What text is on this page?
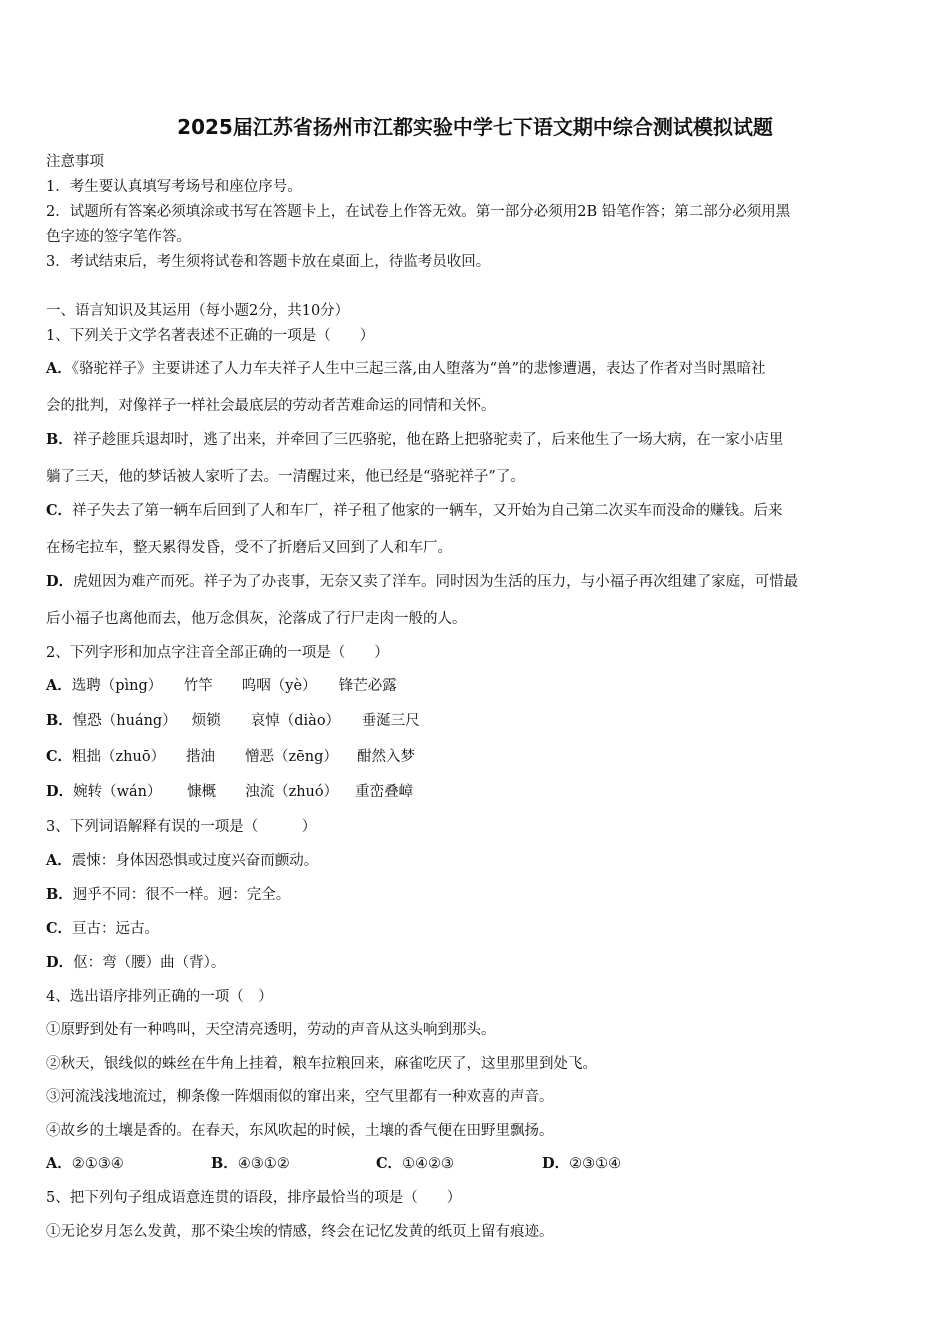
2025届江苏省扬州市江都实验中学七下语文期中综合测试模拟试题
注意事项
1．考生要认真填写考场号和座位序号。
2．试题所有答案必须填涂或书写在答题卡上，在试卷上作答无效。第一部分必须用2B 铅笔作答；第二部分必须用黑
色字迹的签字笔作答。
3．考试结束后，考生须将试卷和答题卡放在桌面上，待监考员收回。
一、语言知识及其运用（每小题2分，共10分）
1、下列关于文学名著表述不正确的一项是（　　）
A．《骆驼祥子》主要讲述了人力车夫祥子人生中三起三落,由人堕落为“兽”的悲惨遭遇，表达了作者对当时黑暗社
会的批判，对像祥子一样社会最底层的劳动者苦难命运的同情和关怀。
B．祥子趁匪兵退却时，逃了出来，并牵回了三匹骆驼，他在路上把骆驼卖了，后来他生了一场大病，在一家小店里
躺了三天，他的梦话被人家听了去。一清醒过来，他已经是“骆驼祥子”了。
C．祥子失去了第一辆车后回到了人和车厂，祥子租了他家的一辆车，又开始为自己第二次买车而没命的赚钱。后来
在杨宅拉车，整天累得发昏，受不了折磨后又回到了人和车厂。
D．虎妞因为难产而死。祥子为了办丧事，无奈又卖了洋车。同时因为生活的压力，与小福子再次组建了家庭，可惜最
后小福子也离他而去，他万念俱灰，沦落成了行尸走肉一般的人。
2、下列字形和加点字注音全部正确的一项是（　　）
A．选聘（pìng） 竹竿 呜咽（yè） 锋芒必露
B．惶恐（huáng） 烦锁 哀悼（diào） 垂涎三尺
C．粗拙（zhuō） 揩油 憎恶（zēng） 酣然入梦
D．婉转（wán） 慷概 浊流（zhuó） 重峦叠嶂
3、下列词语解释有误的一项是（　　　）
A．震悚：身体因恐惧或过度兴奋而颤动。
B．迥乎不同：很不一样。迥：完全。
C．亘古：远古。
D．伛：弯（腰）曲（背）。
4、选出语序排列正确的一项（　）
①原野到处有一种鸣叫，天空清亮透明，劳动的声音从这头响到那头。
②秋天，银线似的蛛丝在牛角上挂着，粮车拉粮回来，麻雀吃厌了，这里那里到处飞。
③河流浅浅地流过，柳条像一阵烟雨似的窜出来，空气里都有一种欢喜的声音。
④故乡的土壤是香的。在春天，东风吹起的时候，土壤的香气便在田野里飘扬。
A．②①③④	B．④③①②	C．①④②③	D．②③①④
5、把下列句子组成语意连贯的语段，排序最恰当的项是（　　）
①无论岁月怎么发黄，那不染尘埃的情感，终会在记忆发黄的纸页上留有痕迹。
